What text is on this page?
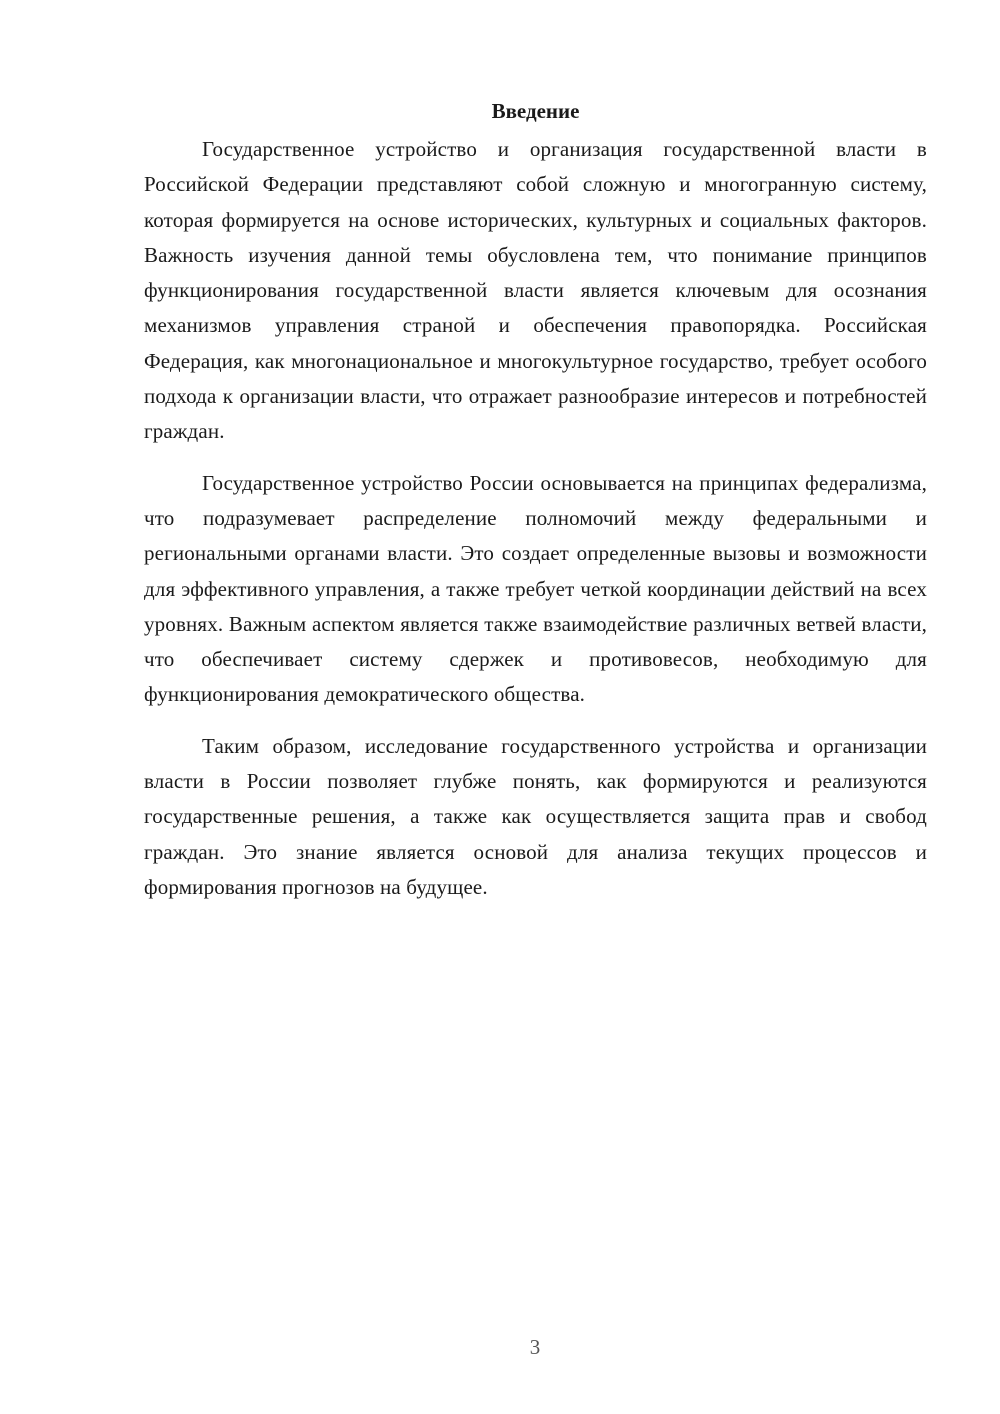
Введение

Государственное устройство и организация государственной власти в Российской Федерации представляют собой сложную и многогранную систему, которая формируется на основе исторических, культурных и социальных факторов. Важность изучения данной темы обусловлена тем, что понимание принципов функционирования государственной власти является ключевым для осознания механизмов управления страной и обеспечения правопорядка. Российская Федерация, как многонациональное и многокультурное государство, требует особого подхода к организации власти, что отражает разнообразие интересов и потребностей граждан.

Государственное устройство России основывается на принципах федерализма, что подразумевает распределение полномочий между федеральными и региональными органами власти. Это создает определенные вызовы и возможности для эффективного управления, а также требует четкой координации действий на всех уровнях. Важным аспектом является также взаимодействие различных ветвей власти, что обеспечивает систему сдержек и противовесов, необходимую для функционирования демократического общества.

Таким образом, исследование государственного устройства и организации власти в России позволяет глубже понять, как формируются и реализуются государственные решения, а также как осуществляется защита прав и свобод граждан. Это знание является основой для анализа текущих процессов и формирования прогнозов на будущее.

3
